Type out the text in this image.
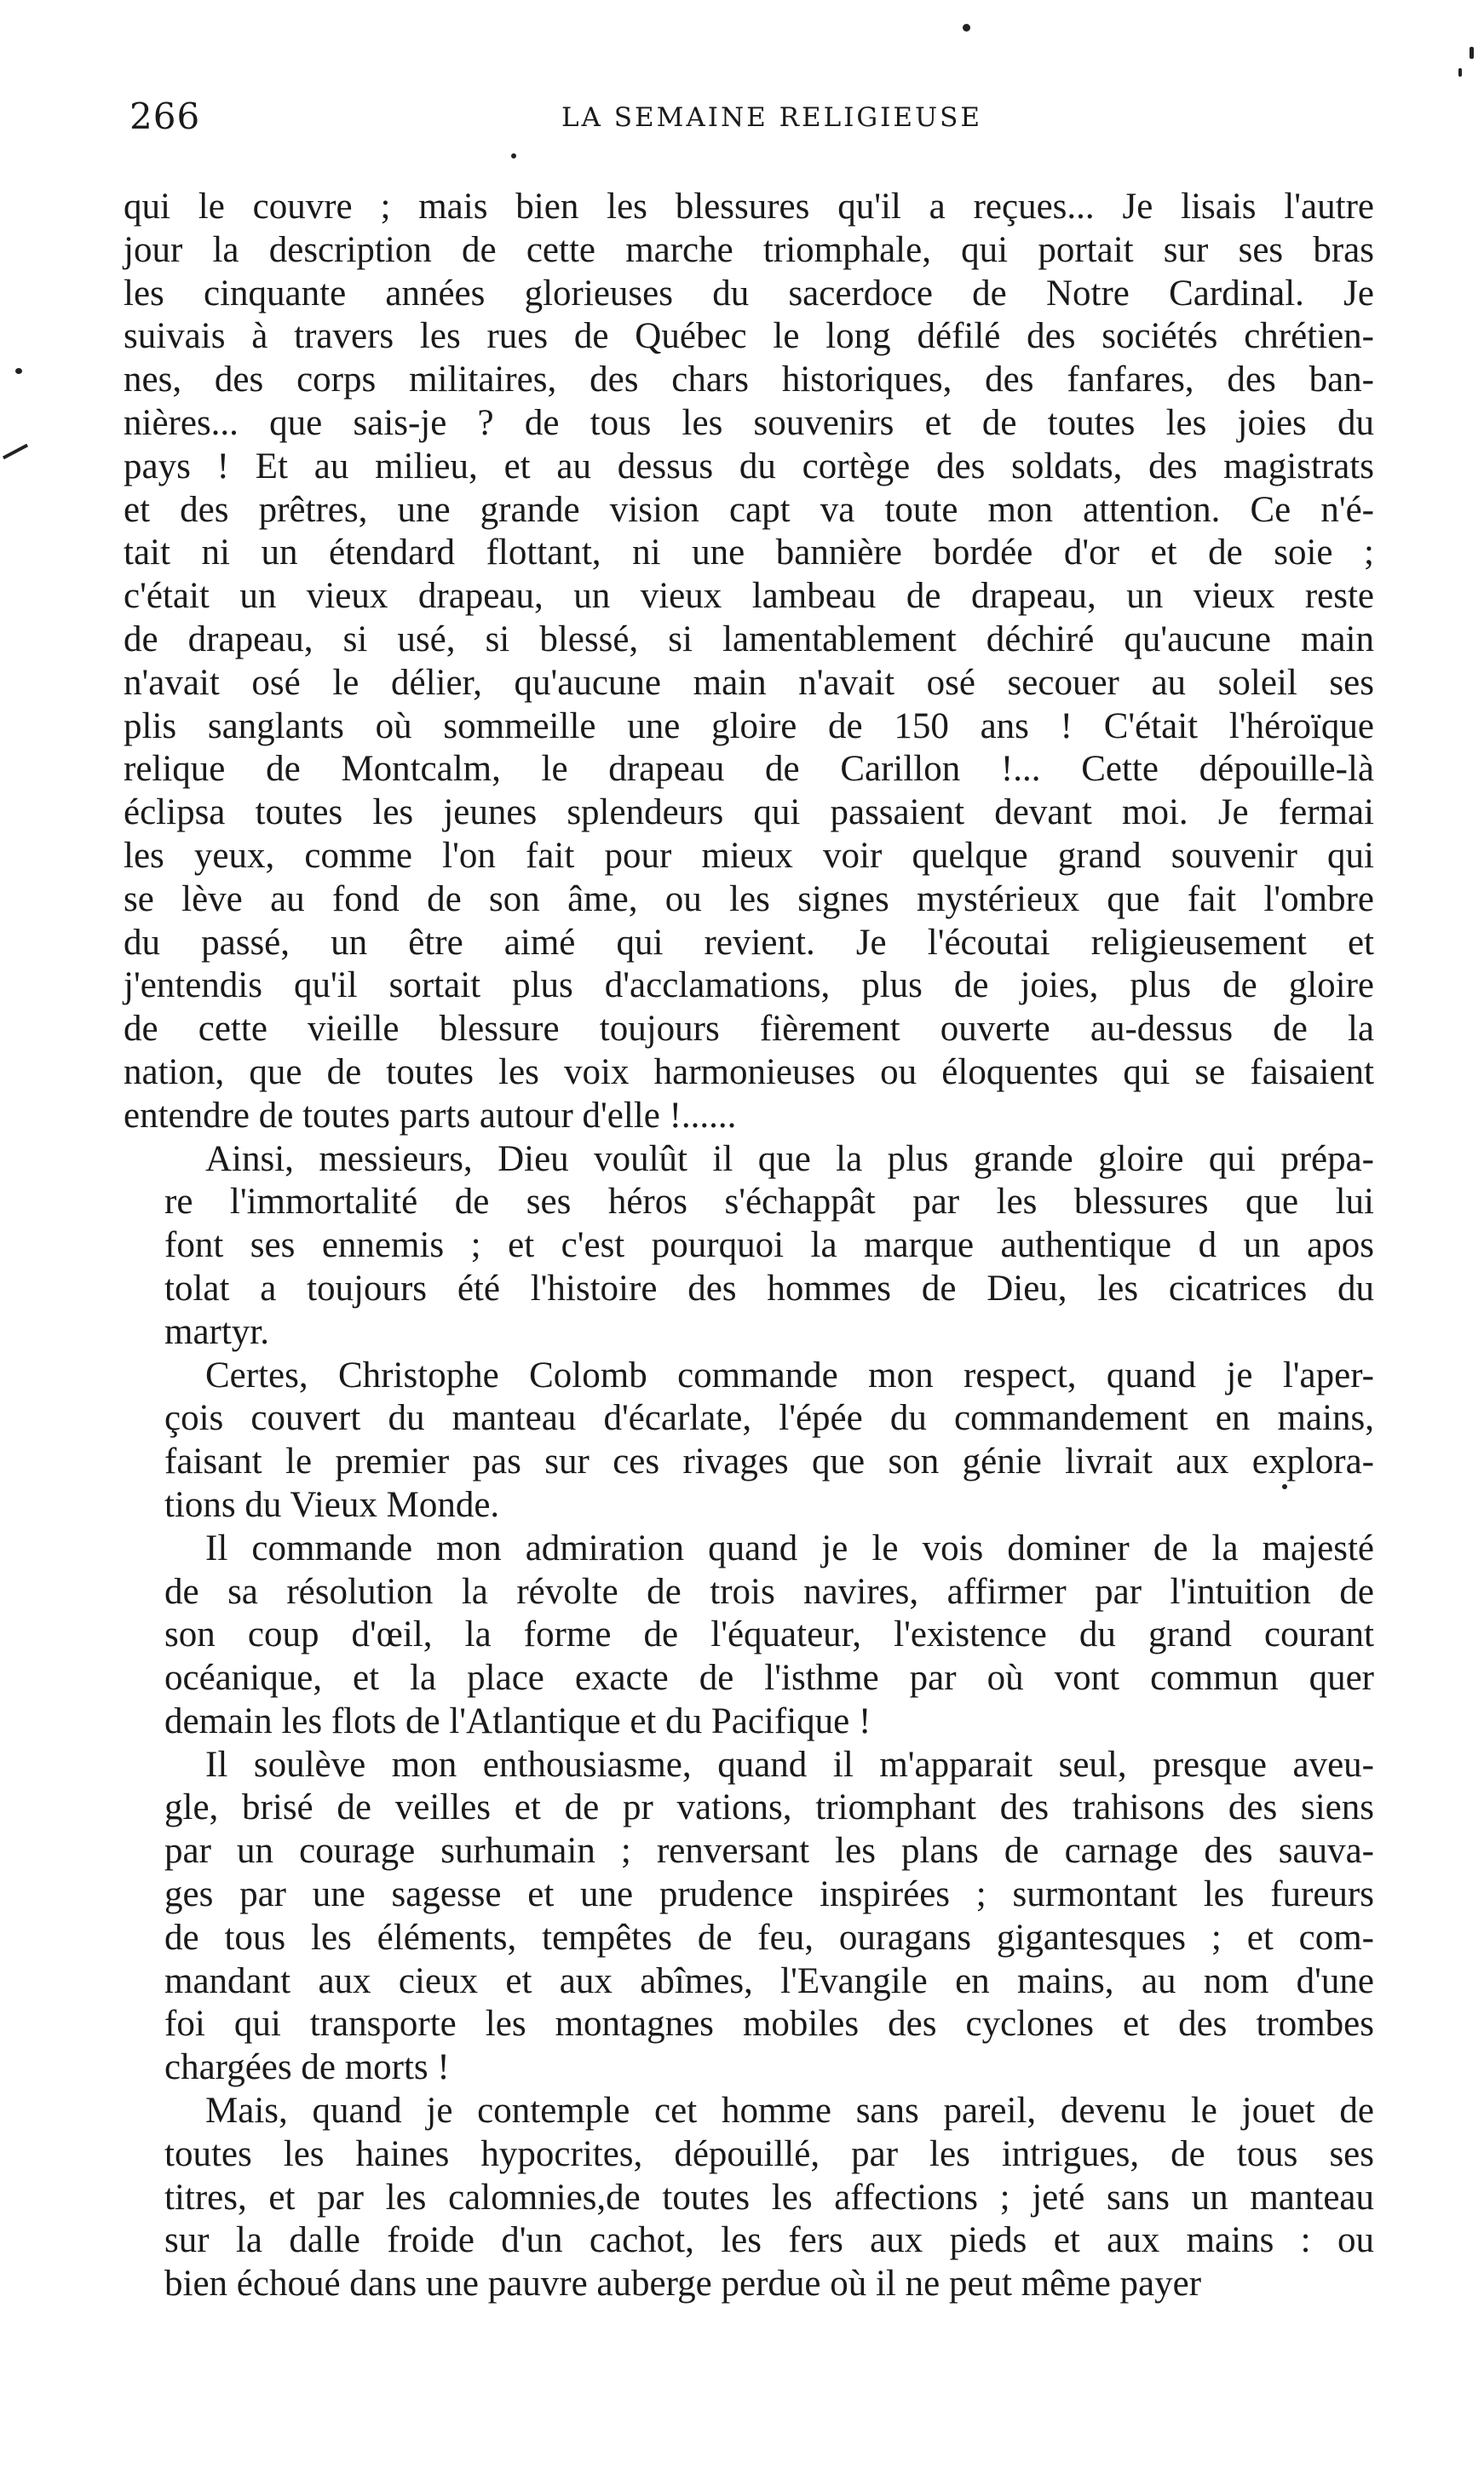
266	LA SEMAINE RELIGIEUSE
qui le couvre ; mais bien les blessures qu'il a reçues... Je lisais l'autre
jour la description de cette marche triomphale, qui portait sur ses bras
les cinquante années glorieuses du sacerdoce de Notre Cardinal. Je
suivais à travers les rues de Québec le long défilé des sociétés chrétien-
nes, des corps militaires, des chars historiques, des fanfares, des ban-
nières... que sais-je ? de tous les souvenirs et de toutes les joies du
pays ! Et au milieu, et au dessus du cortège des soldats, des magistrats
et des prêtres, une grande vision capt va toute mon attention. Ce n'é-
tait ni un étendard flottant, ni une bannière bordée d'or et de soie ;
c'était un vieux drapeau, un vieux lambeau de drapeau, un vieux reste
de drapeau, si usé, si blessé, si lamentablement déchiré qu'aucune main
n'avait osé le délier, qu'aucune main n'avait osé secouer au soleil ses
plis sanglants où sommeille une gloire de 150 ans ! C'était l'héroïque
relique de Montcalm, le drapeau de Carillon !... Cette dépouille-là
éclipsa toutes les jeunes splendeurs qui passaient devant moi. Je fermai
les yeux, comme l'on fait pour mieux voir quelque grand souvenir qui
se lève au fond de son âme, ou les signes mystérieux que fait l'ombre
du passé, un être aimé qui revient. Je l'écoutai religieusement et
j'entendis qu'il sortait plus d'acclamations, plus de joies, plus de gloire
de cette vieille blessure toujours fièrement ouverte au-dessus de la
nation, que de toutes les voix harmonieuses ou éloquentes qui se faisaient
entendre de toutes parts autour d'elle !......
Ainsi, messieurs, Dieu voulût il que la plus grande gloire qui prépa-
re l'immortalité de ses héros s'échappât par les blessures que lui
font ses ennemis ; et c'est pourquoi la marque authentique d un apos
tolat a toujours été l'histoire des hommes de Dieu, les cicatrices du
martyr.
Certes, Christophe Colomb commande mon respect, quand je l'aper-
çois couvert du manteau d'écarlate, l'épée du commandement en mains,
faisant le premier pas sur ces rivages que son génie livrait aux explora-
tions du Vieux Monde.
Il commande mon admiration quand je le vois dominer de la majesté
de sa résolution la révolte de trois navires, affirmer par l'intuition de
son coup d'œil, la forme de l'équateur, l'existence du grand courant
océanique, et la place exacte de l'isthme par où vont commun quer
demain les flots de l'Atlantique et du Pacifique !
Il soulève mon enthousiasme, quand il m'apparait seul, presque aveu-
gle, brisé de veilles et de pr vations, triomphant des trahisons des siens
par un courage surhumain ; renversant les plans de carnage des sauva-
ges par une sagesse et une prudence inspirées ; surmontant les fureurs
de tous les éléments, tempêtes de feu, ouragans gigantesques ; et com-
mandant aux cieux et aux abîmes, l'Evangile en mains, au nom d'une
foi qui transporte les montagnes mobiles des cyclones et des trombes
chargées de morts !
Mais, quand je contemple cet homme sans pareil, devenu le jouet de
toutes les haines hypocrites, dépouillé, par les intrigues, de tous ses
titres, et par les calomnies,de toutes les affections ; jeté sans un manteau
sur la dalle froide d'un cachot, les fers aux pieds et aux mains : ou
bien échoué dans une pauvre auberge perdue où il ne peut même payer
